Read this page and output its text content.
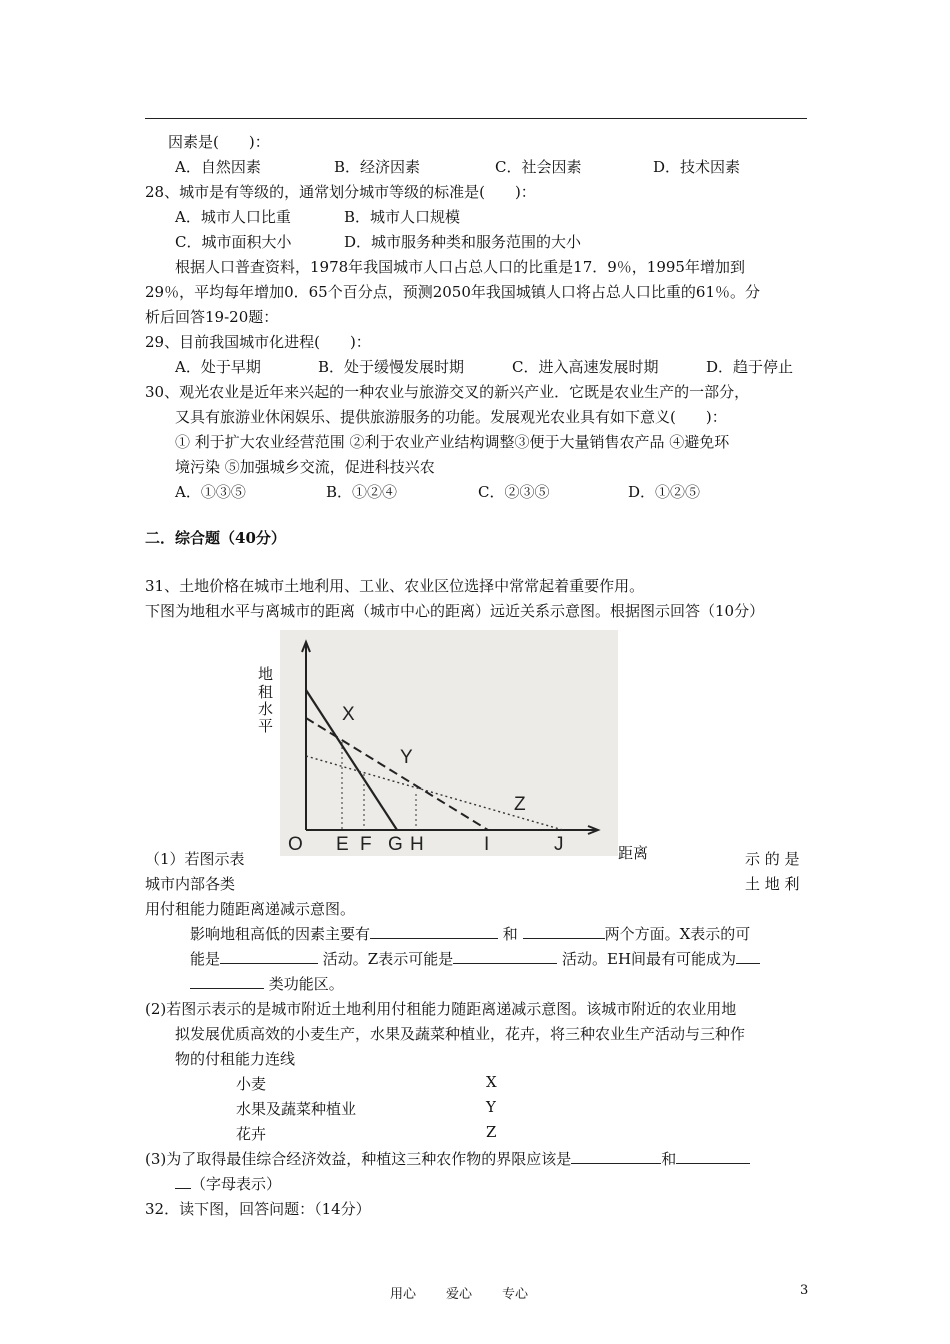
因素是(　　)：
A．自然因素	B．经济因素	C．社会因素	D．技术因素
28、城市是有等级的，通常划分城市等级的标准是(　　)：
A．城市人口比重	B．城市人口规模
C．城市面积大小	D．城市服务种类和服务范围的大小
根据人口普查资料，1978年我国城市人口占总人口的比重是17．9％，1995年增加到
29％，平均每年增加0．65个百分点，预测2050年我国城镇人口将占总人口比重的61％。分
析后回答19-20题：
29、目前我国城市化进程(　　)：
30、观光农业是近年来兴起的一种农业与旅游交叉的新兴产业．它既是农业生产的一部分，
又具有旅游业休闲娱乐、提供旅游服务的功能。发展观光农业具有如下意义(　　)：
① 利于扩大农业经营范围 ②利于农业产业结构调整③便于大量销售农产品 ④避免环
境污染 ⑤加强城乡交流，促进科技兴农
A．①③⑤	B．①②④	C．②③⑤	D．①②⑤
二．综合题（40分）
31、土地价格在城市土地利用、工业、农业区位选择中常常起着重要作用。
下图为地租水平与离城市的距离（城市中心的距离）远近关系示意图。根据图示回答（10分）
地
租
水
平
X
Y
Z
O E F G H	I	J	距离
（1）若图示表	示 的 是
城市内部各类	土 地 利
用付租能力随距离递减示意图。
影响地租高低的因素主要有	和	两个方面。X表示的可
能是	活动。Z表示可能是	活动。EH间最有可能成为
类功能区。
(2)若图示表示的是城市附近土地利用付租能力随距离递减示意图。该城市附近的农业用地
拟发展优质高效的小麦生产，水果及蔬菜种植业，花卉，将三种农业生产活动与三种作
物的付租能力连线
小麦	X
水果及蔬菜种植业	Y
花卉	Z
(3)为了取得最佳综合经济效益，种植这三种农作物的界限应该是	和
（字母表示）
32．读下图，回答问题：（14分）
用心 爱心 专心	3
A．处于早期	B．处于缓慢发展时期	C．进入高速发展时期	D．趋于停止
